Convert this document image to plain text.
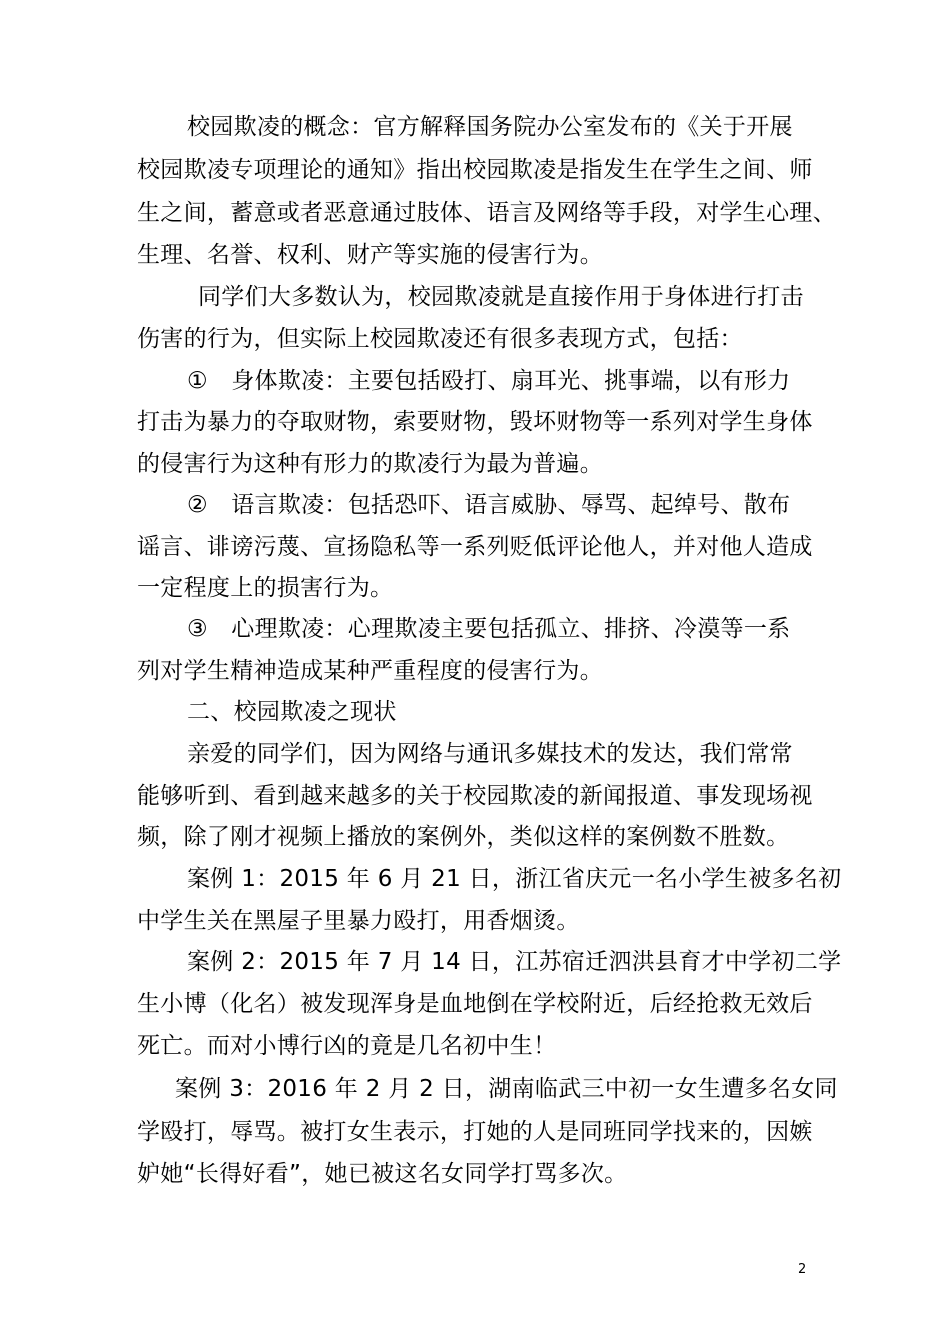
校园欺凌的概念：官方解释国务院办公室发布的《关于开展
校园欺凌专项理论的通知》指出校园欺凌是指发生在学生之间、师
生之间，蓄意或者恶意通过肢体、语言及网络等手段，对学生心理、
生理、名誉、权利、财产等实施的侵害行为。
同学们大多数认为，校园欺凌就是直接作用于身体进行打击
伤害的行为，但实际上校园欺凌还有很多表现方式，包括：
①　身体欺凌：主要包括殴打、扇耳光、挑事端，以有形力
打击为暴力的夺取财物，索要财物，毁坏财物等一系列对学生身体
的侵害行为这种有形力的欺凌行为最为普遍。
②　语言欺凌：包括恐吓、语言威胁、辱骂、起绰号、散布
谣言、诽谤污蔑、宣扬隐私等一系列贬低评论他人，并对他人造成
一定程度上的损害行为。
③　心理欺凌：心理欺凌主要包括孤立、排挤、冷漠等一系
列对学生精神造成某种严重程度的侵害行为。
二、校园欺凌之现状
亲爱的同学们，因为网络与通讯多媒技术的发达，我们常常
能够听到、看到越来越多的关于校园欺凌的新闻报道、事发现场视
频，除了刚才视频上播放的案例外，类似这样的案例数不胜数。
案例 1：2015 年 6 月 21 日，浙江省庆元一名小学生被多名初
中学生关在黑屋子里暴力殴打，用香烟烫。
案例 2：2015 年 7 月 14 日，江苏宿迁泗洪县育才中学初二学
生小博（化名）被发现浑身是血地倒在学校附近，后经抢救无效后
死亡。而对小博行凶的竟是几名初中生！
案例 3：2016 年 2 月 2 日，湖南临武三中初一女生遭多名女同
学殴打，辱骂。被打女生表示，打她的人是同班同学找来的，因嫉
妒她“长得好看”，她已被这名女同学打骂多次。
2
